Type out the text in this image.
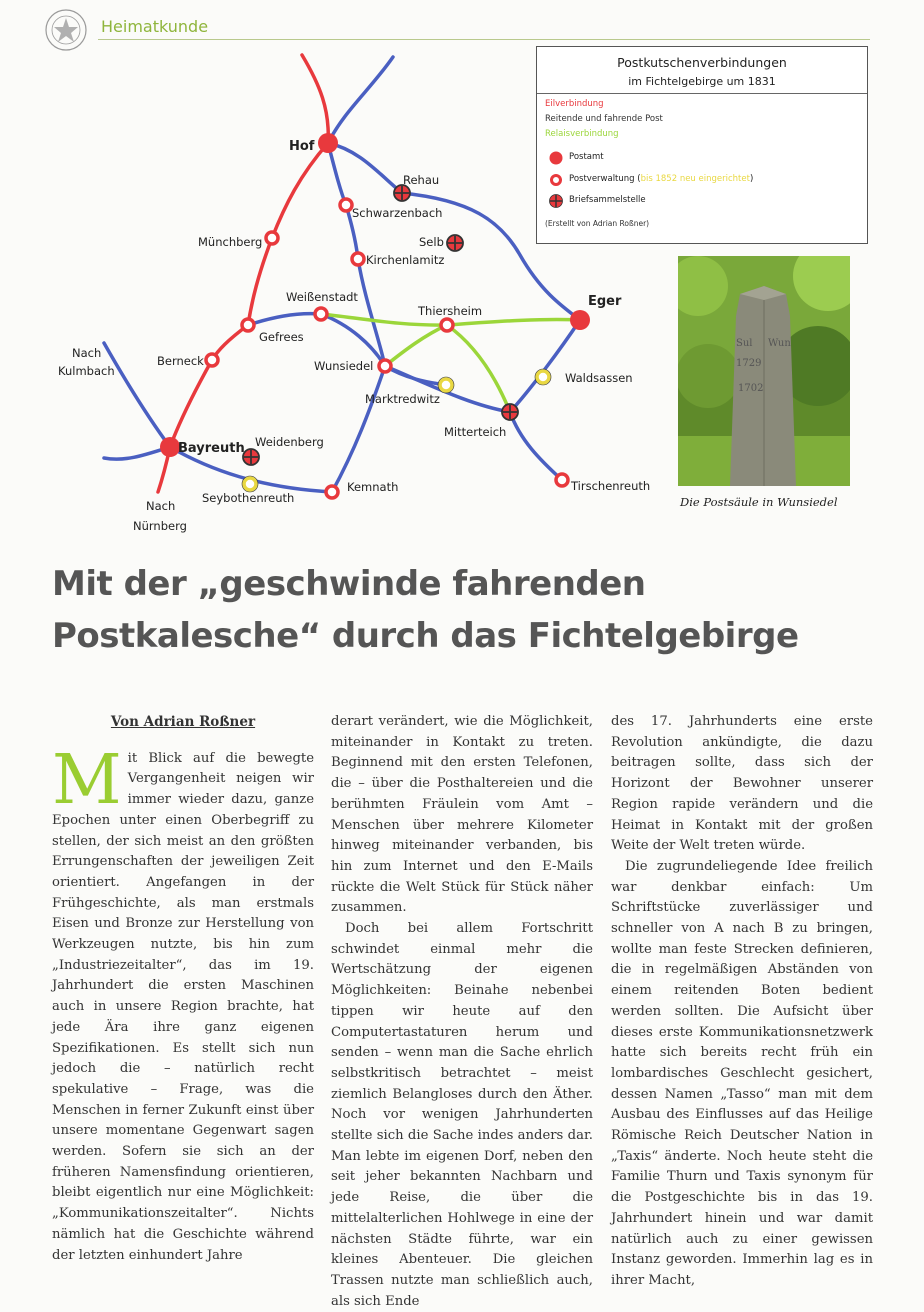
Heimatkunde
Hof
Rehau
Schwarzenbach
Münchberg	Selb
Kirchenlamitz
Weißenstadt
Thiersheim
Eger
Gefrees
Berneck
Nach
Kulmbach	Wunsiedel
Waldsassen
Marktredwitz
Mitterteich
Bayreuth Weidenberg
Kemnath
Seybothenreuth
Tirschenreuth
Nach
Nürnberg
Postkutschenverbindungen
im Fichtelgebirge um 1831
Eilverbindung
Reitende und fahrende Post
Relaisverbindung
Postamt
Postverwaltung (bis 1852 neu eingerichtet)
Briefsammelstelle
(Erstellt von Adrian Roßner)
Sul Wun
1729
1702
Die Postsäule in Wunsiedel
Mit der „geschwinde fahrenden
Postkalesche“ durch das Fichtelgebirge

Von Adrian Roßner

Mit Blick auf die bewegte Vergangenheit neigen wir immer wieder dazu, ganze Epochen unter einen Oberbegriff zu stellen, der sich meist an den größten Errungenschaften der jeweiligen Zeit orientiert. Angefangen in der Frühgeschichte, als man erstmals Eisen und Bronze zur Herstellung von Werkzeugen nutzte, bis hin zum „Industriezeitalter“, das im 19. Jahrhundert die ersten Maschinen auch in unsere Region brachte, hat jede Ära ihre ganz eigenen Spezifikationen. Es stellt sich nun jedoch die – natürlich recht spekulative – Frage, was die Menschen in ferner Zukunft einst über unsere momentane Gegenwart sagen werden. Sofern sie sich an der früheren Namensfindung orientieren, bleibt eigentlich nur eine Möglichkeit: „Kommunikationszeitalter“. Nichts nämlich hat die Geschichte während der letzten einhundert Jahre

derart verändert, wie die Möglichkeit, miteinander in Kontakt zu treten. Beginnend mit den ersten Telefonen, die – über die Posthaltereien und die berühmten Fräulein vom Amt – Menschen über mehrere Kilometer hinweg miteinander verbanden, bis hin zum Internet und den E-Mails rückte die Welt Stück für Stück näher zusammen.

Doch bei allem Fortschritt schwindet einmal mehr die Wertschätzung der eigenen Möglichkeiten: Beinahe nebenbei tippen wir heute auf den Computertastaturen herum und senden – wenn man die Sache ehrlich selbstkritisch betrachtet – meist ziemlich Belangloses durch den Äther. Noch vor wenigen Jahrhunderten stellte sich die Sache indes anders dar. Man lebte im eigenen Dorf, neben den seit jeher bekannten Nachbarn und jede Reise, die über die mittelalterlichen Hohlwege in eine der nächsten Städte führte, war ein kleines Abenteuer. Die gleichen Trassen nutzte man schließlich auch, als sich Ende

des 17. Jahrhunderts eine erste Revolution ankündigte, die dazu beitragen sollte, dass sich der Horizont der Bewohner unserer Region rapide verändern und die Heimat in Kontakt mit der großen Weite der Welt treten würde.

Die zugrundeliegende Idee freilich war denkbar einfach: Um Schriftstücke zuverlässiger und schneller von A nach B zu bringen, wollte man feste Strecken definieren, die in regelmäßigen Abständen von einem reitenden Boten bedient werden sollten. Die Aufsicht über dieses erste Kommunikationsnetzwerk hatte sich bereits recht früh ein lombardisches Geschlecht gesichert, dessen Namen „Tasso“ man mit dem Ausbau des Einflusses auf das Heilige Römische Reich Deutscher Nation in „Taxis“ änderte. Noch heute steht die Familie Thurn und Taxis synonym für die Postgeschichte bis in das 19. Jahrhundert hinein und war damit natürlich auch zu einer gewissen Instanz geworden. Immerhin lag es in ihrer Macht,
